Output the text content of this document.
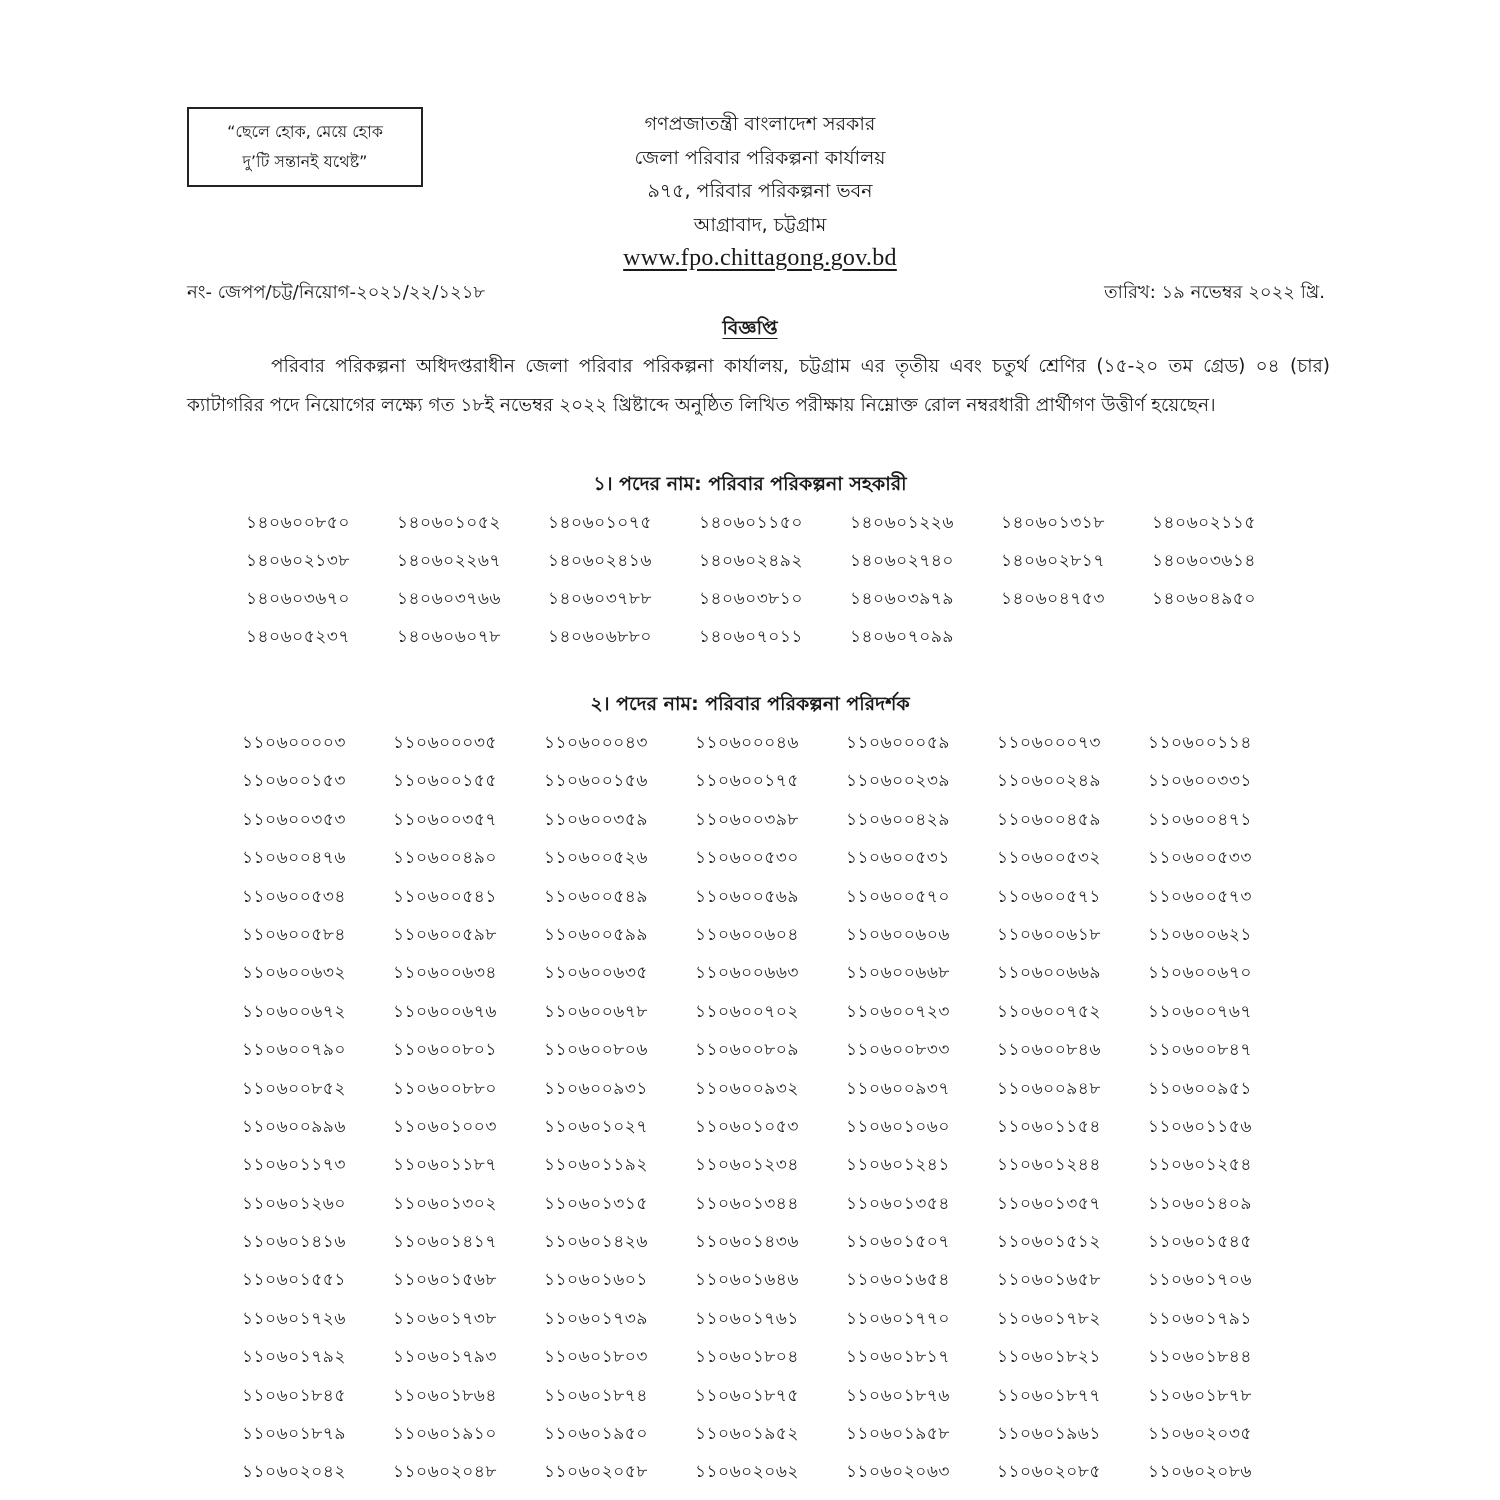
“ছেলে হোক, মেয়ে হোক
দু’টি সন্তানই যথেষ্ট”
গণপ্রজাতন্ত্রী বাংলাদেশ সরকার
জেলা পরিবার পরিকল্পনা কার্যালয়
৯৭৫, পরিবার পরিকল্পনা ভবন
আগ্রাবাদ, চট্টগ্রাম
www.fpo.chittagong.gov.bd
নং- জেপপ/চট্ট/নিয়োগ-২০২১/২২/১২১৮	তারিখ: ১৯ নভেম্বর ২০২২ খ্রি.
বিজ্ঞপ্তি
পরিবার পরিকল্পনা অধিদপ্তরাধীন জেলা পরিবার পরিকল্পনা কার্যালয়, চট্টগ্রাম এর তৃতীয় এবং চতুর্থ শ্রেণির (১৫-২০ তম গ্রেড) ০৪ (চার) ক্যাটাগরির পদে নিয়োগের লক্ষ্যে গত ১৮ই নভেম্বর ২০২২ খ্রিষ্টাব্দে অনুষ্ঠিত লিখিত পরীক্ষায় নিম্নোক্ত রোল নম্বরধারী প্রার্থীগণ উত্তীর্ণ হয়েছেন।
১। পদের নাম: পরিবার পরিকল্পনা সহকারী
১৪০৬০০৮৫০	১৪০৬০১০৫২	১৪০৬০১০৭৫	১৪০৬০১১৫০	১৪০৬০১২২৬	১৪০৬০১৩১৮	১৪০৬০২১১৫
১৪০৬০২১৩৮	১৪০৬০২২৬৭	১৪০৬০২৪১৬	১৪০৬০২৪৯২	১৪০৬০২৭৪০	১৪০৬০২৮১৭	১৪০৬০৩৬১৪
১৪০৬০৩৬৭০	১৪০৬০৩৭৬৬	১৪০৬০৩৭৮৮	১৪০৬০৩৮১০	১৪০৬০৩৯৭৯	১৪০৬০৪৭৫৩	১৪০৬০৪৯৫০
১৪০৬০৫২৩৭	১৪০৬০৬০৭৮	১৪০৬০৬৮৮০	১৪০৬০৭০১১	১৪০৬০৭০৯৯
২। পদের নাম: পরিবার পরিকল্পনা পরিদর্শক
১১০৬০০০০৩	১১০৬০০০৩৫	১১০৬০০০৪৩	১১০৬০০০৪৬	১১০৬০০০৫৯	১১০৬০০০৭৩	১১০৬০০১১৪
১১০৬০০১৫৩	১১০৬০০১৫৫	১১০৬০০১৫৬	১১০৬০০১৭৫	১১০৬০০২৩৯	১১০৬০০২৪৯	১১০৬০০৩৩১
১১০৬০০৩৫৩	১১০৬০০৩৫৭	১১০৬০০৩৫৯	১১০৬০০৩৯৮	১১০৬০০৪২৯	১১০৬০০৪৫৯	১১০৬০০৪৭১
১১০৬০০৪৭৬	১১০৬০০৪৯০	১১০৬০০৫২৬	১১০৬০০৫৩০	১১০৬০০৫৩১	১১০৬০০৫৩২	১১০৬০০৫৩৩
১১০৬০০৫৩৪	১১০৬০০৫৪১	১১০৬০০৫৪৯	১১০৬০০৫৬৯	১১০৬০০৫৭০	১১০৬০০৫৭১	১১০৬০০৫৭৩
১১০৬০০৫৮৪	১১০৬০০৫৯৮	১১০৬০০৫৯৯	১১০৬০০৬০৪	১১০৬০০৬০৬	১১০৬০০৬১৮	১১০৬০০৬২১
১১০৬০০৬৩২	১১০৬০০৬৩৪	১১০৬০০৬৩৫	১১০৬০০৬৬৩	১১০৬০০৬৬৮	১১০৬০০৬৬৯	১১০৬০০৬৭০
১১০৬০০৬৭২	১১০৬০০৬৭৬	১১০৬০০৬৭৮	১১০৬০০৭০২	১১০৬০০৭২৩	১১০৬০০৭৫২	১১০৬০০৭৬৭
১১০৬০০৭৯০	১১০৬০০৮০১	১১০৬০০৮০৬	১১০৬০০৮০৯	১১০৬০০৮৩৩	১১০৬০০৮৪৬	১১০৬০০৮৪৭
১১০৬০০৮৫২	১১০৬০০৮৮০	১১০৬০০৯৩১	১১০৬০০৯৩২	১১০৬০০৯৩৭	১১০৬০০৯৪৮	১১০৬০০৯৫১
১১০৬০০৯৯৬	১১০৬০১০০৩	১১০৬০১০২৭	১১০৬০১০৫৩	১১০৬০১০৬০	১১০৬০১১৫৪	১১০৬০১১৫৬
১১০৬০১১৭৩	১১০৬০১১৮৭	১১০৬০১১৯২	১১০৬০১২৩৪	১১০৬০১২৪১	১১০৬০১২৪৪	১১০৬০১২৫৪
১১০৬০১২৬০	১১০৬০১৩০২	১১০৬০১৩১৫	১১০৬০১৩৪৪	১১০৬০১৩৫৪	১১০৬০১৩৫৭	১১০৬০১৪০৯
১১০৬০১৪১৬	১১০৬০১৪১৭	১১০৬০১৪২৬	১১০৬০১৪৩৬	১১০৬০১৫০৭	১১০৬০১৫১২	১১০৬০১৫৪৫
১১০৬০১৫৫১	১১০৬০১৫৬৮	১১০৬০১৬০১	১১০৬০১৬৪৬	১১০৬০১৬৫৪	১১০৬০১৬৫৮	১১০৬০১৭০৬
১১০৬০১৭২৬	১১০৬০১৭৩৮	১১০৬০১৭৩৯	১১০৬০১৭৬১	১১০৬০১৭৭০	১১০৬০১৭৮২	১১০৬০১৭৯১
১১০৬০১৭৯২	১১০৬০১৭৯৩	১১০৬০১৮০৩	১১০৬০১৮০৪	১১০৬০১৮১৭	১১০৬০১৮২১	১১০৬০১৮৪৪
১১০৬০১৮৪৫	১১০৬০১৮৬৪	১১০৬০১৮৭৪	১১০৬০১৮৭৫	১১০৬০১৮৭৬	১১০৬০১৮৭৭	১১০৬০১৮৭৮
১১০৬০১৮৭৯	১১০৬০১৯১০	১১০৬০১৯৫০	১১০৬০১৯৫২	১১০৬০১৯৫৮	১১০৬০১৯৬১	১১০৬০২০৩৫
১১০৬০২০৪২	১১০৬০২০৪৮	১১০৬০২০৫৮	১১০৬০২০৬২	১১০৬০২০৬৩	১১০৬০২০৮৫	১১০৬০২০৮৬
